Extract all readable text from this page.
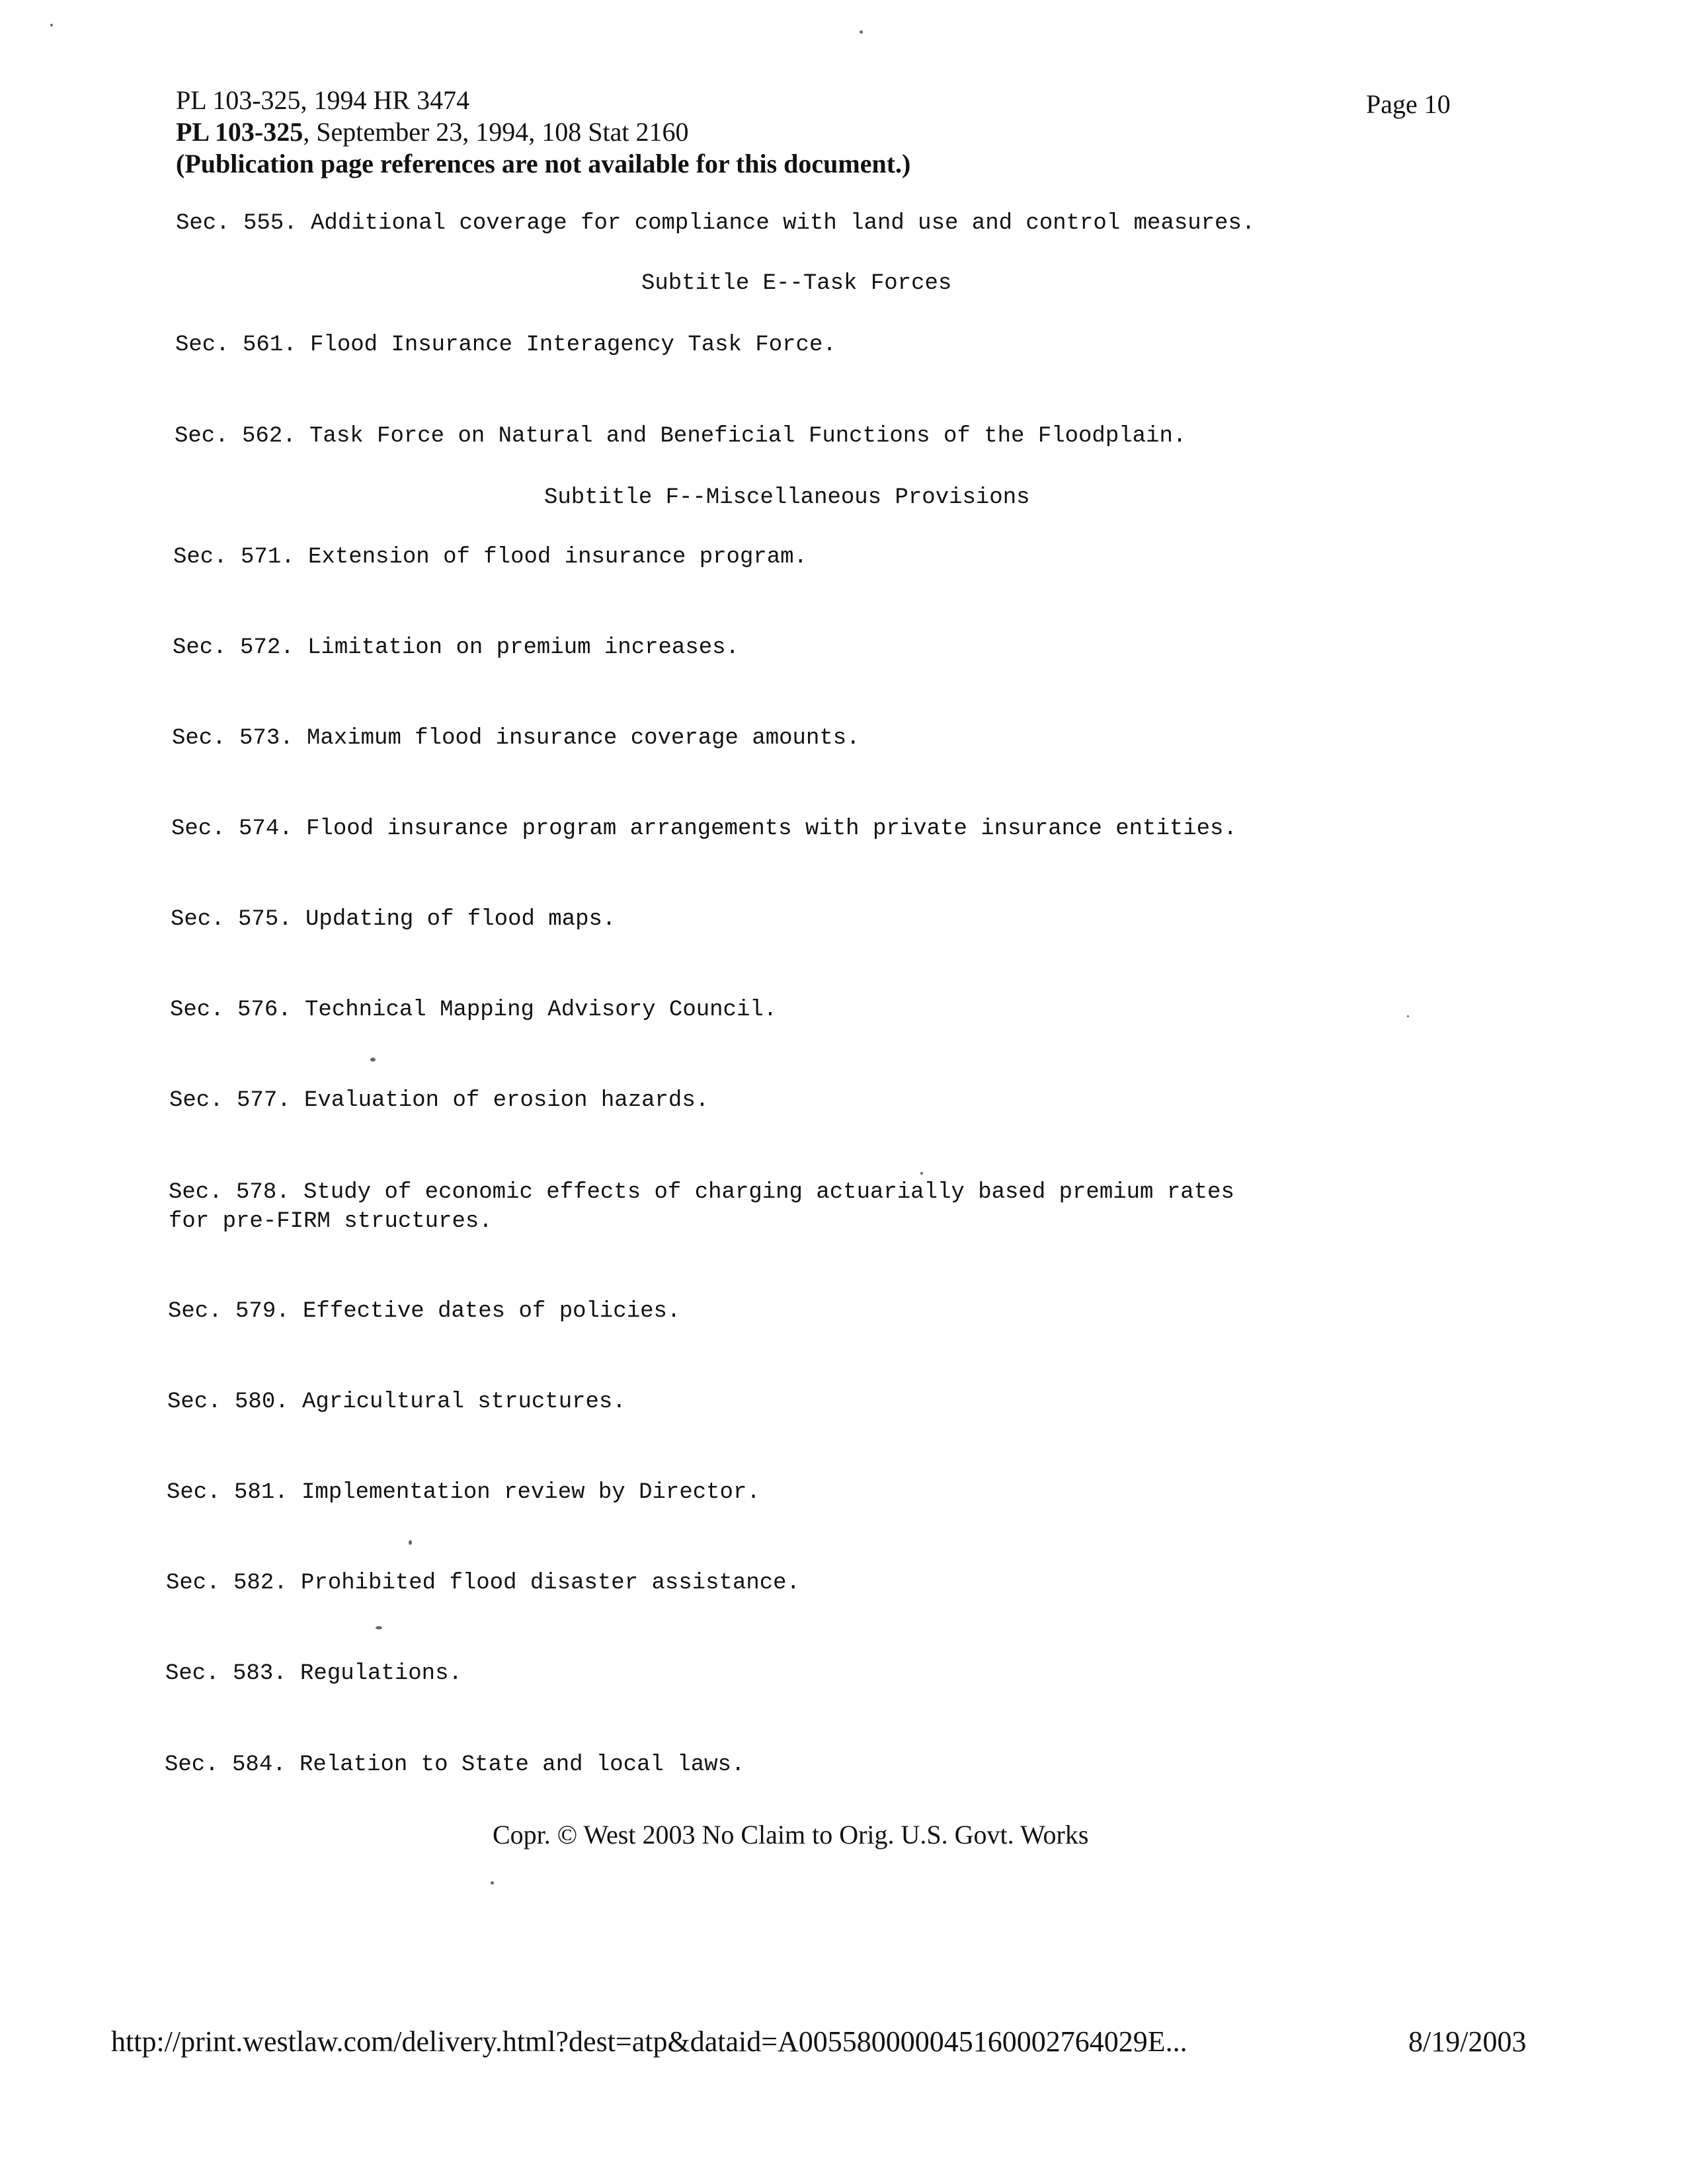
PL 103-325, 1994 HR 3474
PL 103-325, September 23, 1994, 108 Stat 2160
(Publication page references are not available for this document.)
Page 10
Sec. 555. Additional coverage for compliance with land use and control measures.
Subtitle E--Task Forces
Sec. 561. Flood Insurance Interagency Task Force.
Sec. 562. Task Force on Natural and Beneficial Functions of the Floodplain.
Subtitle F--Miscellaneous Provisions
Sec. 571. Extension of flood insurance program.
Sec. 572. Limitation on premium increases.
Sec. 573. Maximum flood insurance coverage amounts.
Sec. 574. Flood insurance program arrangements with private insurance entities.
Sec. 575. Updating of flood maps.
Sec. 576. Technical Mapping Advisory Council.
Sec. 577. Evaluation of erosion hazards.
Sec. 578. Study of economic effects of charging actuarially based premium rates
for pre-FIRM structures.
Sec. 579. Effective dates of policies.
Sec. 580. Agricultural structures.
Sec. 581. Implementation review by Director.
Sec. 582. Prohibited flood disaster assistance.
Sec. 583. Regulations.
Sec. 584. Relation to State and local laws.
Copr. © West 2003 No Claim to Orig. U.S. Govt. Works
http://print.westlaw.com/delivery.html?dest=atp&dataid=A005580000045160002764029E...	8/19/2003
